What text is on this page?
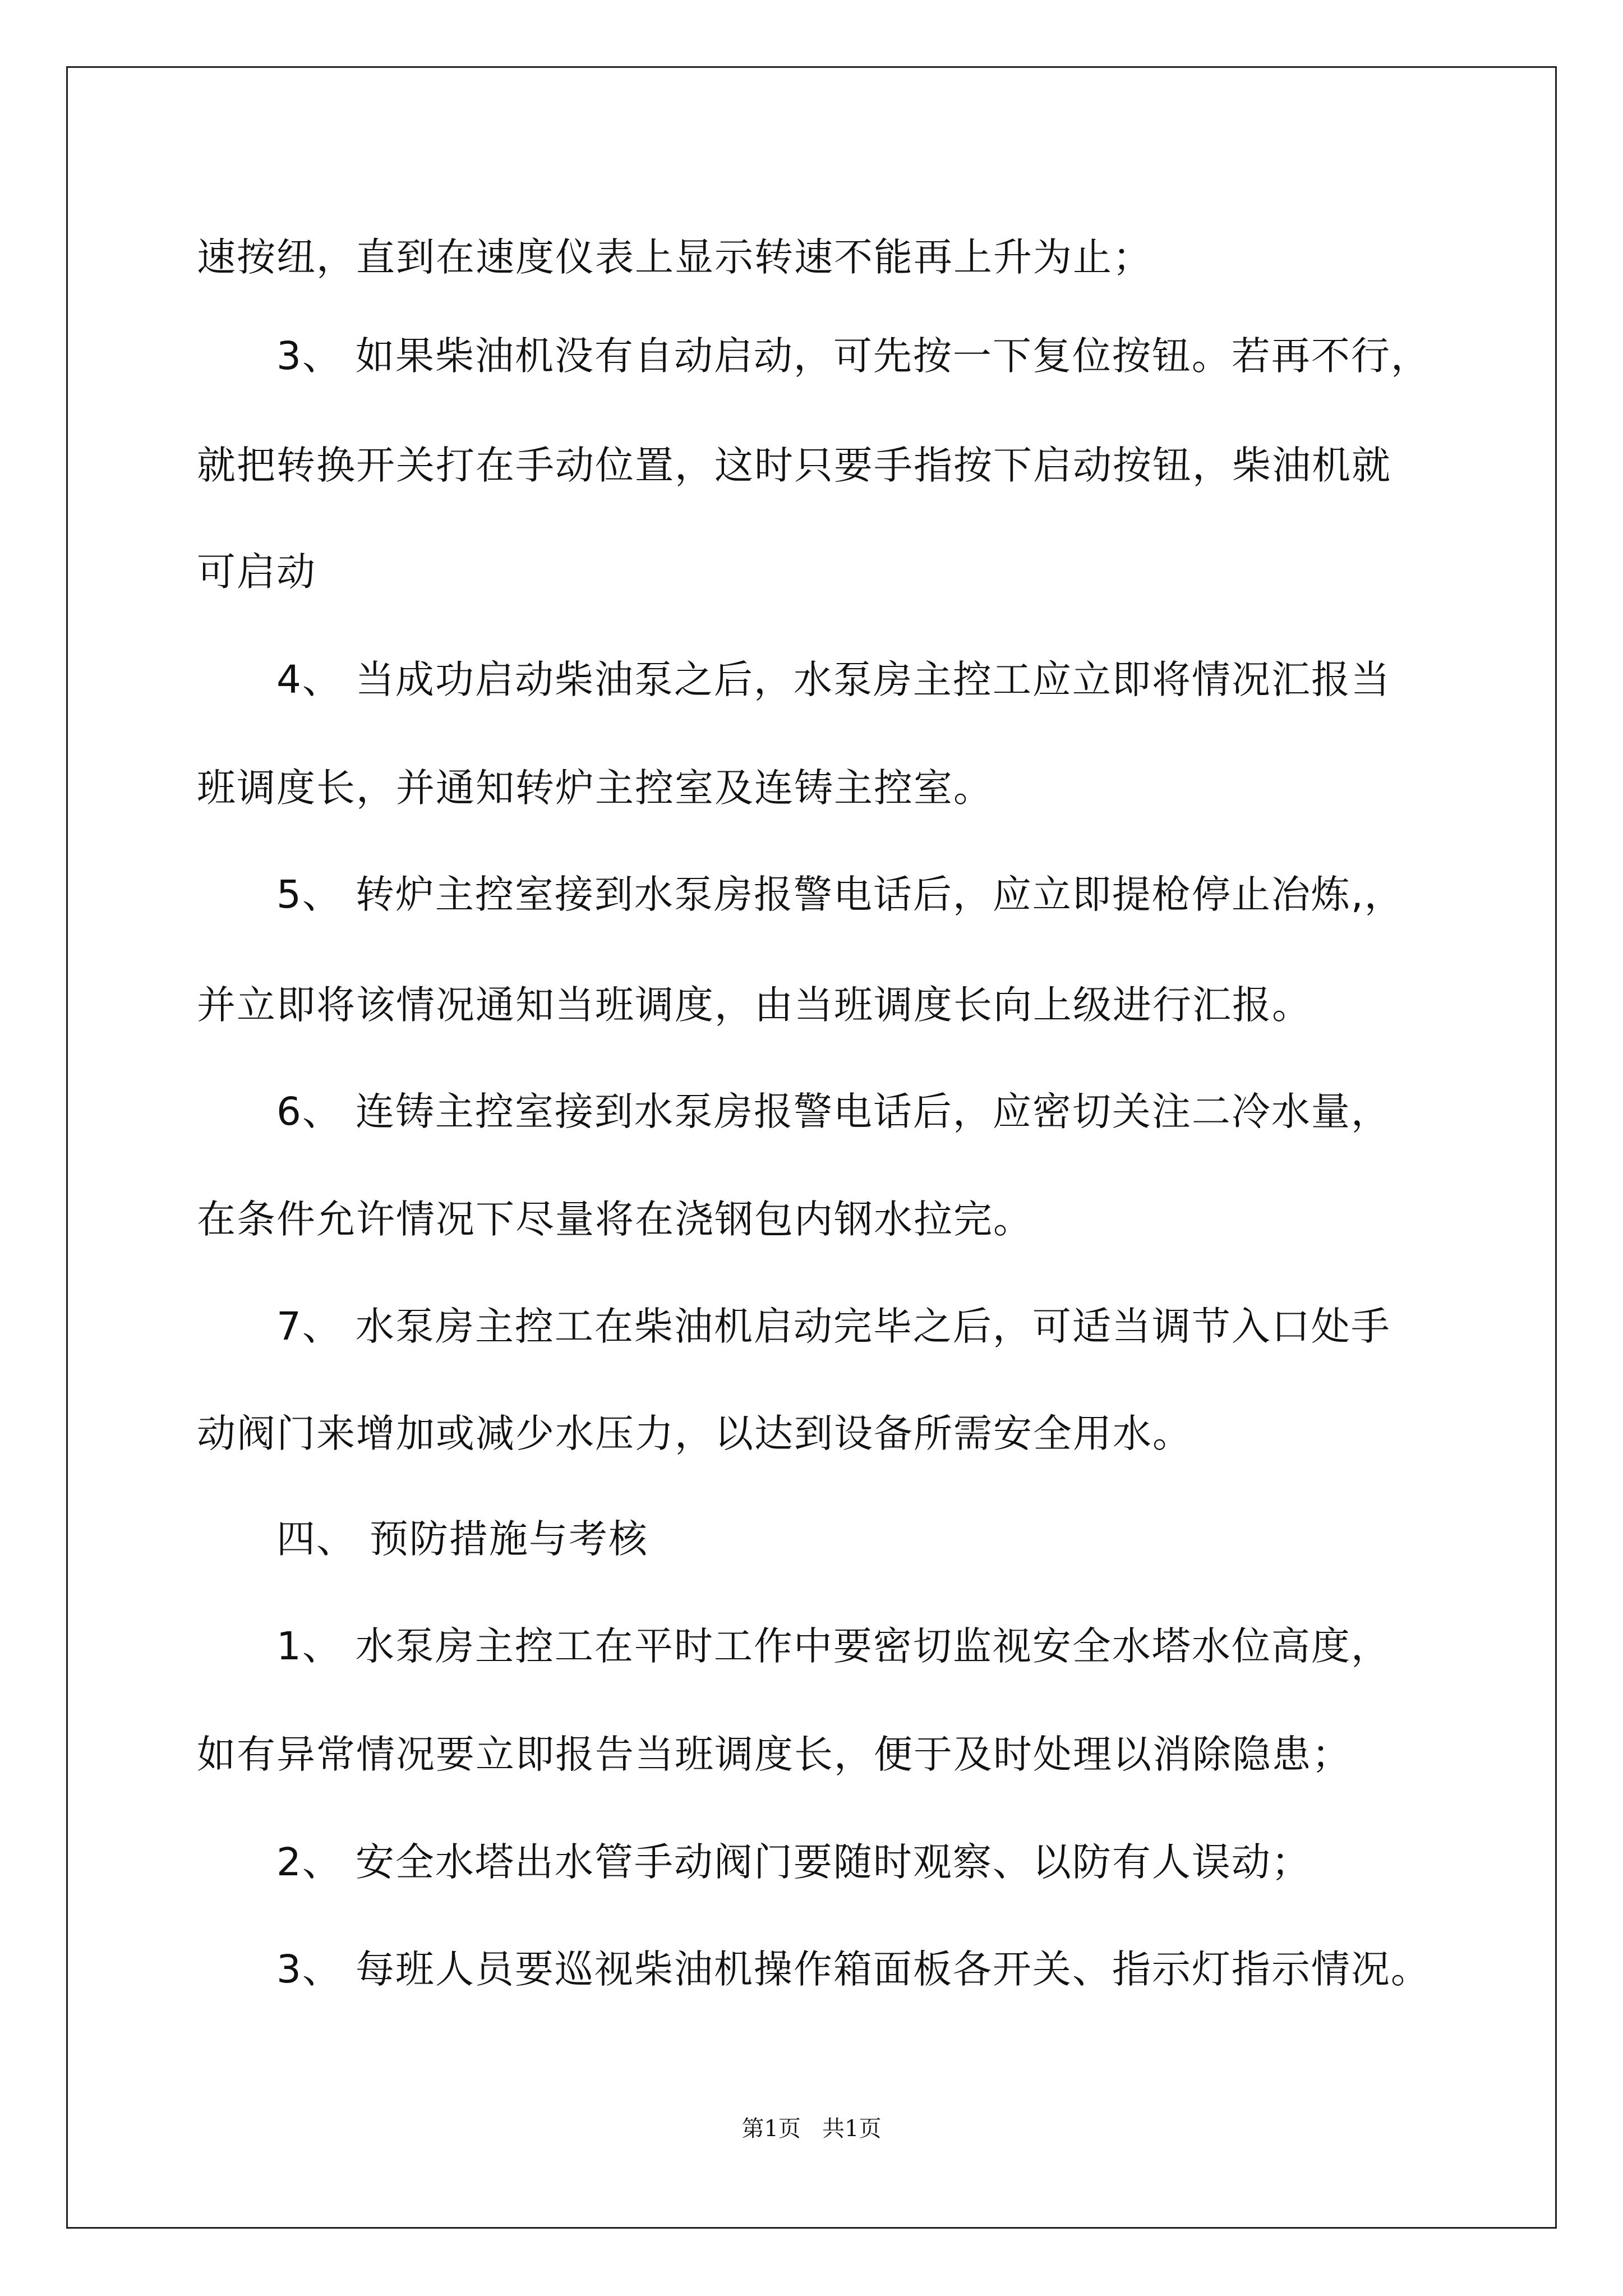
速按纽，直到在速度仪表上显示转速不能再上升为止；
3、 如果柴油机没有自动启动，可先按一下复位按钮。若再不行，
就把转换开关打在手动位置，这时只要手指按下启动按钮，柴油机就
可启动
4、 当成功启动柴油泵之后，水泵房主控工应立即将情况汇报当
班调度长，并通知转炉主控室及连铸主控室。
5、 转炉主控室接到水泵房报警电话后，应立即提枪停止冶炼,，
并立即将该情况通知当班调度，由当班调度长向上级进行汇报。
6、 连铸主控室接到水泵房报警电话后，应密切关注二冷水量，
在条件允许情况下尽量将在浇钢包内钢水拉完。
7、 水泵房主控工在柴油机启动完毕之后，可适当调节入口处手
动阀门来增加或减少水压力，以达到设备所需安全用水。
四、 预防措施与考核
1、 水泵房主控工在平时工作中要密切监视安全水塔水位高度，
如有异常情况要立即报告当班调度长，便于及时处理以消除隐患；
2、 安全水塔出水管手动阀门要随时观察、以防有人误动；
3、 每班人员要巡视柴油机操作箱面板各开关、指示灯指示情况。
第1页   共1页
